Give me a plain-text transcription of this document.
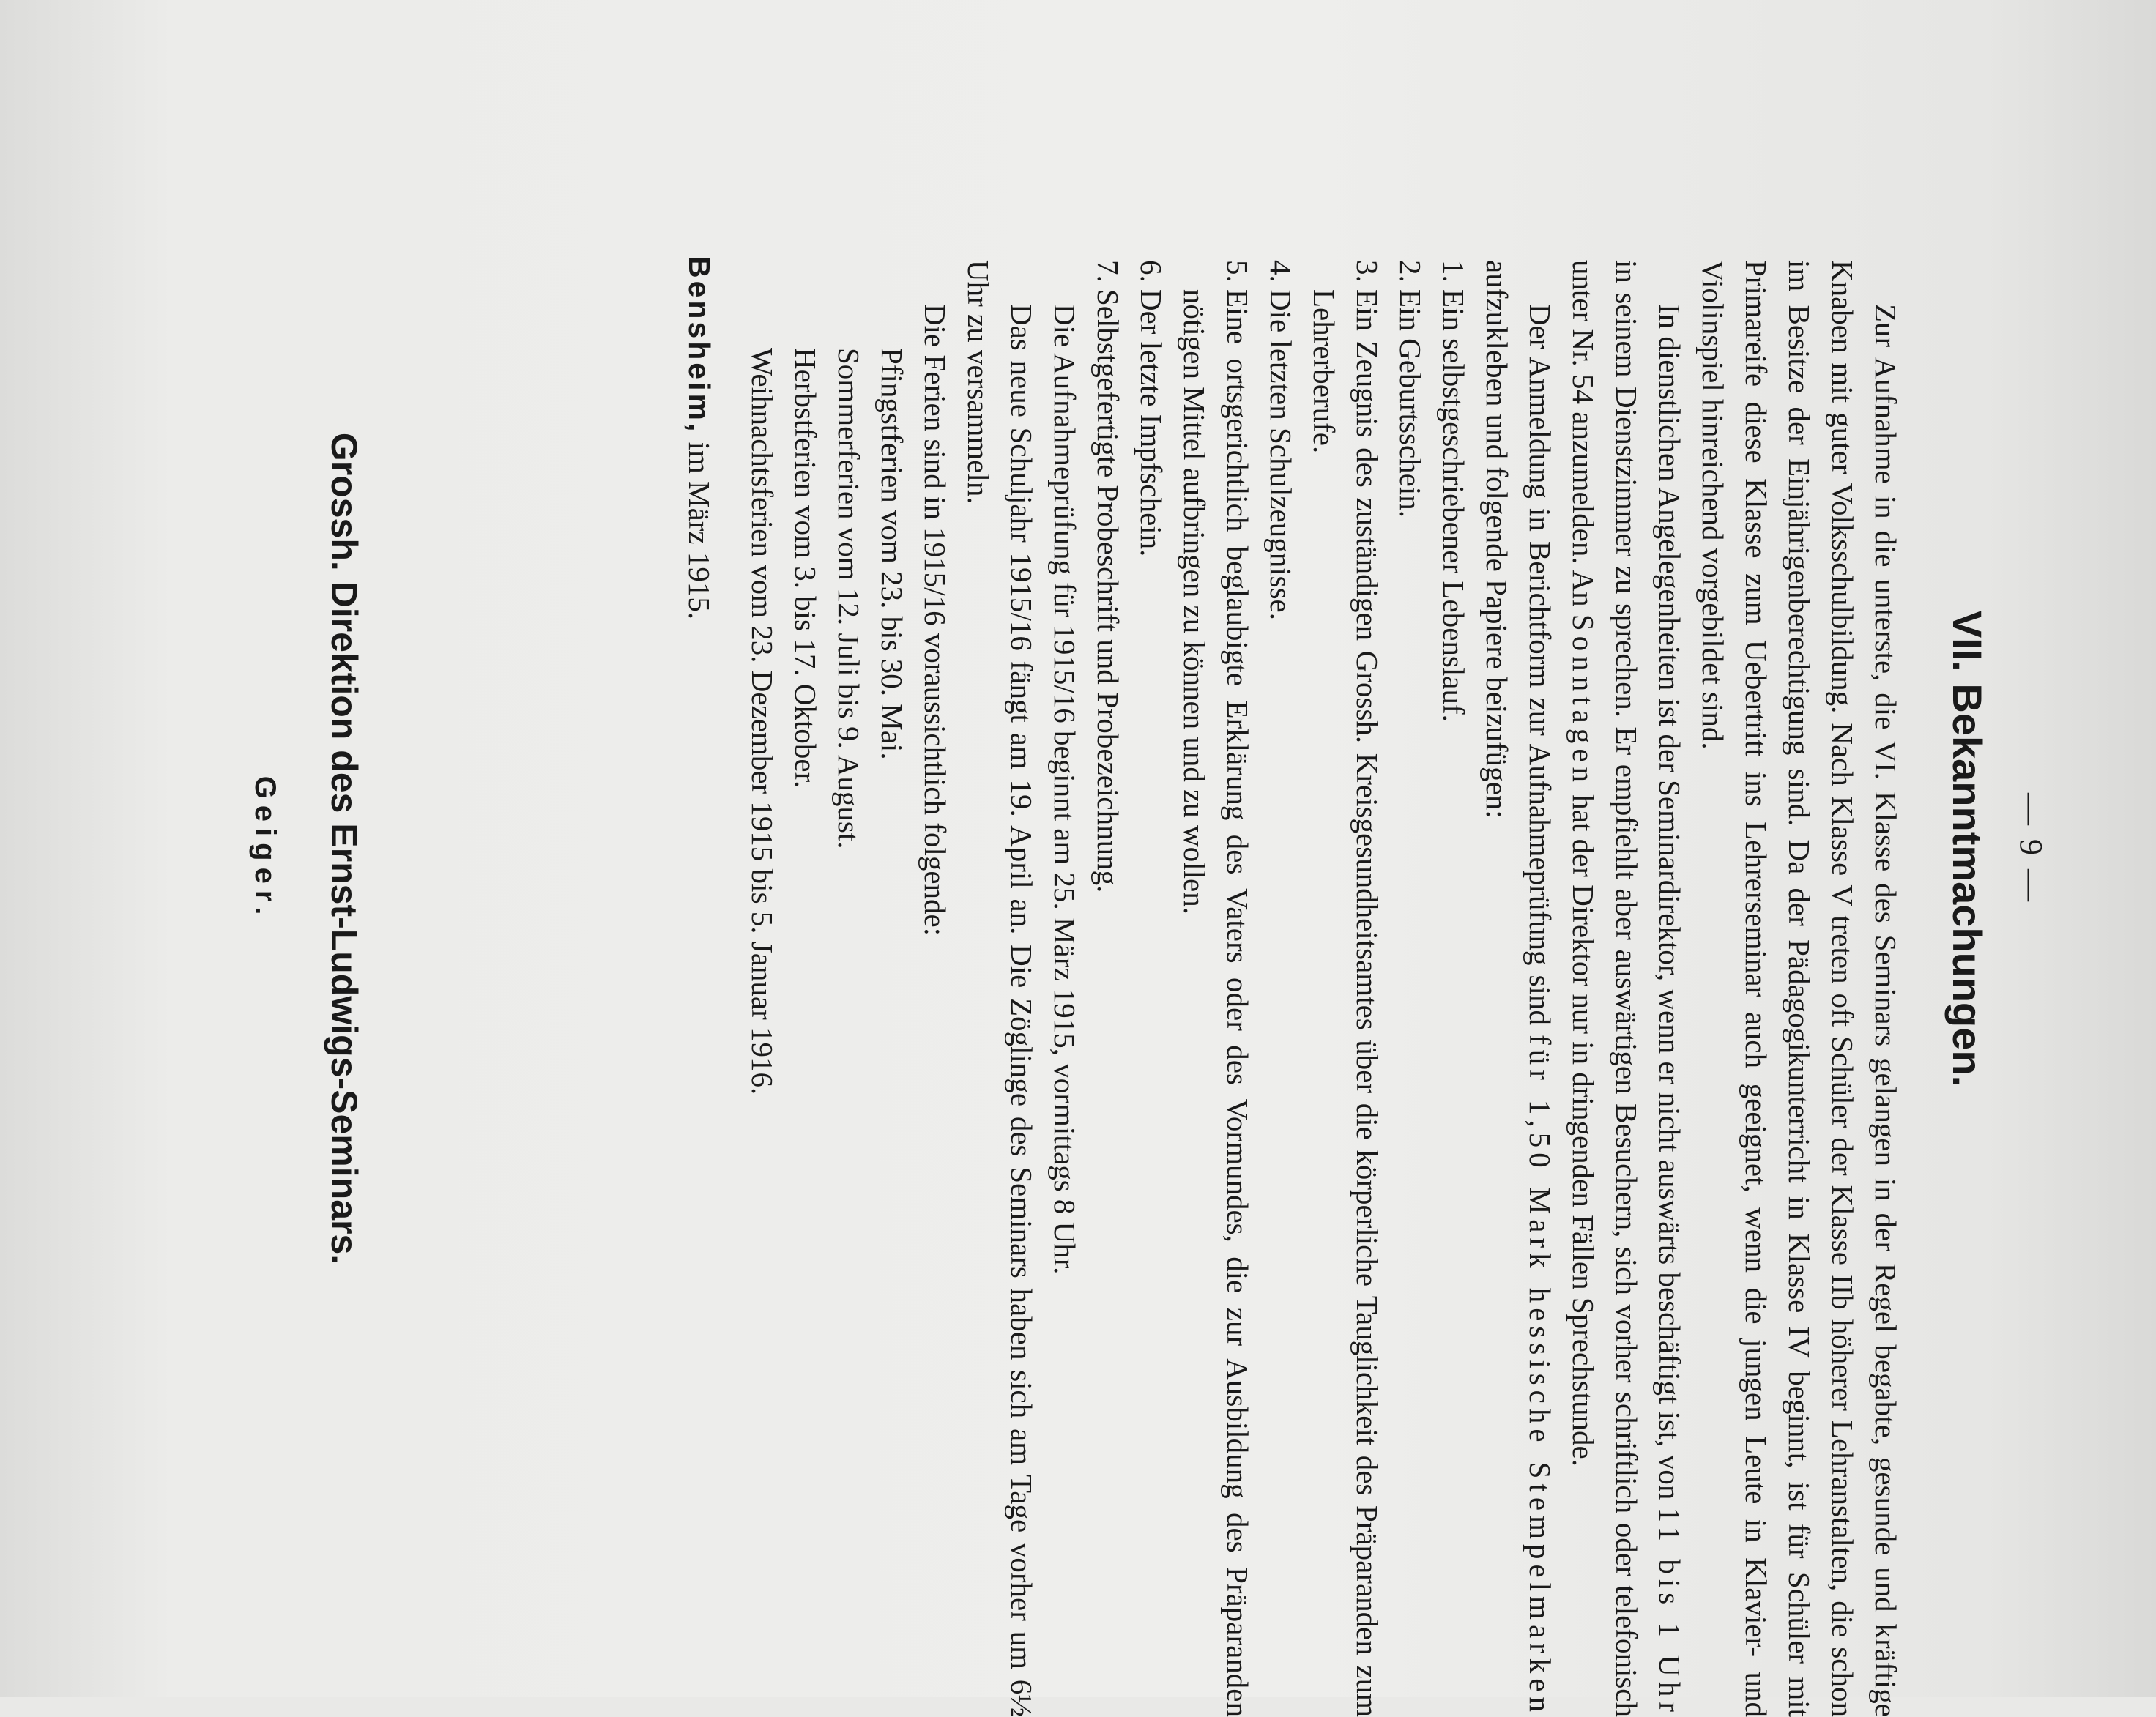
— 9 —
VII. Bekanntmachungen.

Zur Aufnahme in die unterste, die VI. Klasse des Seminars gelangen in der Regel begabte, gesunde und kräftige Knaben mit guter Volksschulbildung. Nach Klasse V treten oft Schüler der Klasse IIb höherer Lehranstalten, die schon im Besitze der Einjährigenberechtigung sind. Da der Pädagogikunterricht in Klasse IV beginnt, ist für Schüler mit Primareife diese Klasse zum Uebertritt ins Lehrerseminar auch geeignet, wenn die jungen Leute in Klavier- und Violinspiel hinreichend vorgebildet sind.

In dienstlichen Angelegenheiten ist der Seminardirektor, wenn er nicht auswärts beschäftigt ist, von 11 bis 1 Uhr in seinem Dienstzimmer zu sprechen. Er empfiehlt aber auswärtigen Besuchern, sich vorher schriftlich oder telefonisch unter Nr. 54 anzumelden. An Sonntagen hat der Direktor nur in dringenden Fällen Sprechstunde.

Der Anmeldung in Berichtform zur Aufnahmeprüfung sind für 1,50 Mark hessische Stempelmarken aufzukleben und folgende Papiere beizufügen:

1.
Ein selbstgeschriebener Lebenslauf.
2.
Ein Geburtsschein.
3.
Ein Zeugnis des zuständigen Grossh. Kreisgesundheitsamtes über die körperliche Tauglichkeit des Präparanden zum Lehrerberufe.
4.
Die letzten Schulzeugnisse.
5.
Eine ortsgerichtlich beglaubigte Erklärung des Vaters oder des Vormundes, die zur Ausbildung des Präparanden nötigen Mittel aufbringen zu können und zu wollen.
6.
Der letzte Impfschein.
7.
Selbstgefertigte Probeschrift und Probezeichnung.

Die Aufnahmeprüfung für 1915/16 beginnt am 25. März 1915, vormittags 8 Uhr.

Das neue Schuljahr 1915/16 fängt am 19. April an. Die Zöglinge des Seminars haben sich am Tage vorher um 6½ Uhr zu versammeln.

Die Ferien sind in 1915/16 voraussichtlich folgende:

Pfingstferien vom 23. bis 30. Mai.
Sommerferien vom 12. Juli bis 9. August.
Herbstferien vom 3. bis 17. Oktober.
Weihnachtsferien vom 23. Dezember 1915 bis 5. Januar 1916.
Bensheim, im März 1915.
Grossh. Direktion des Ernst-Ludwigs-Seminars.
Geiger.
